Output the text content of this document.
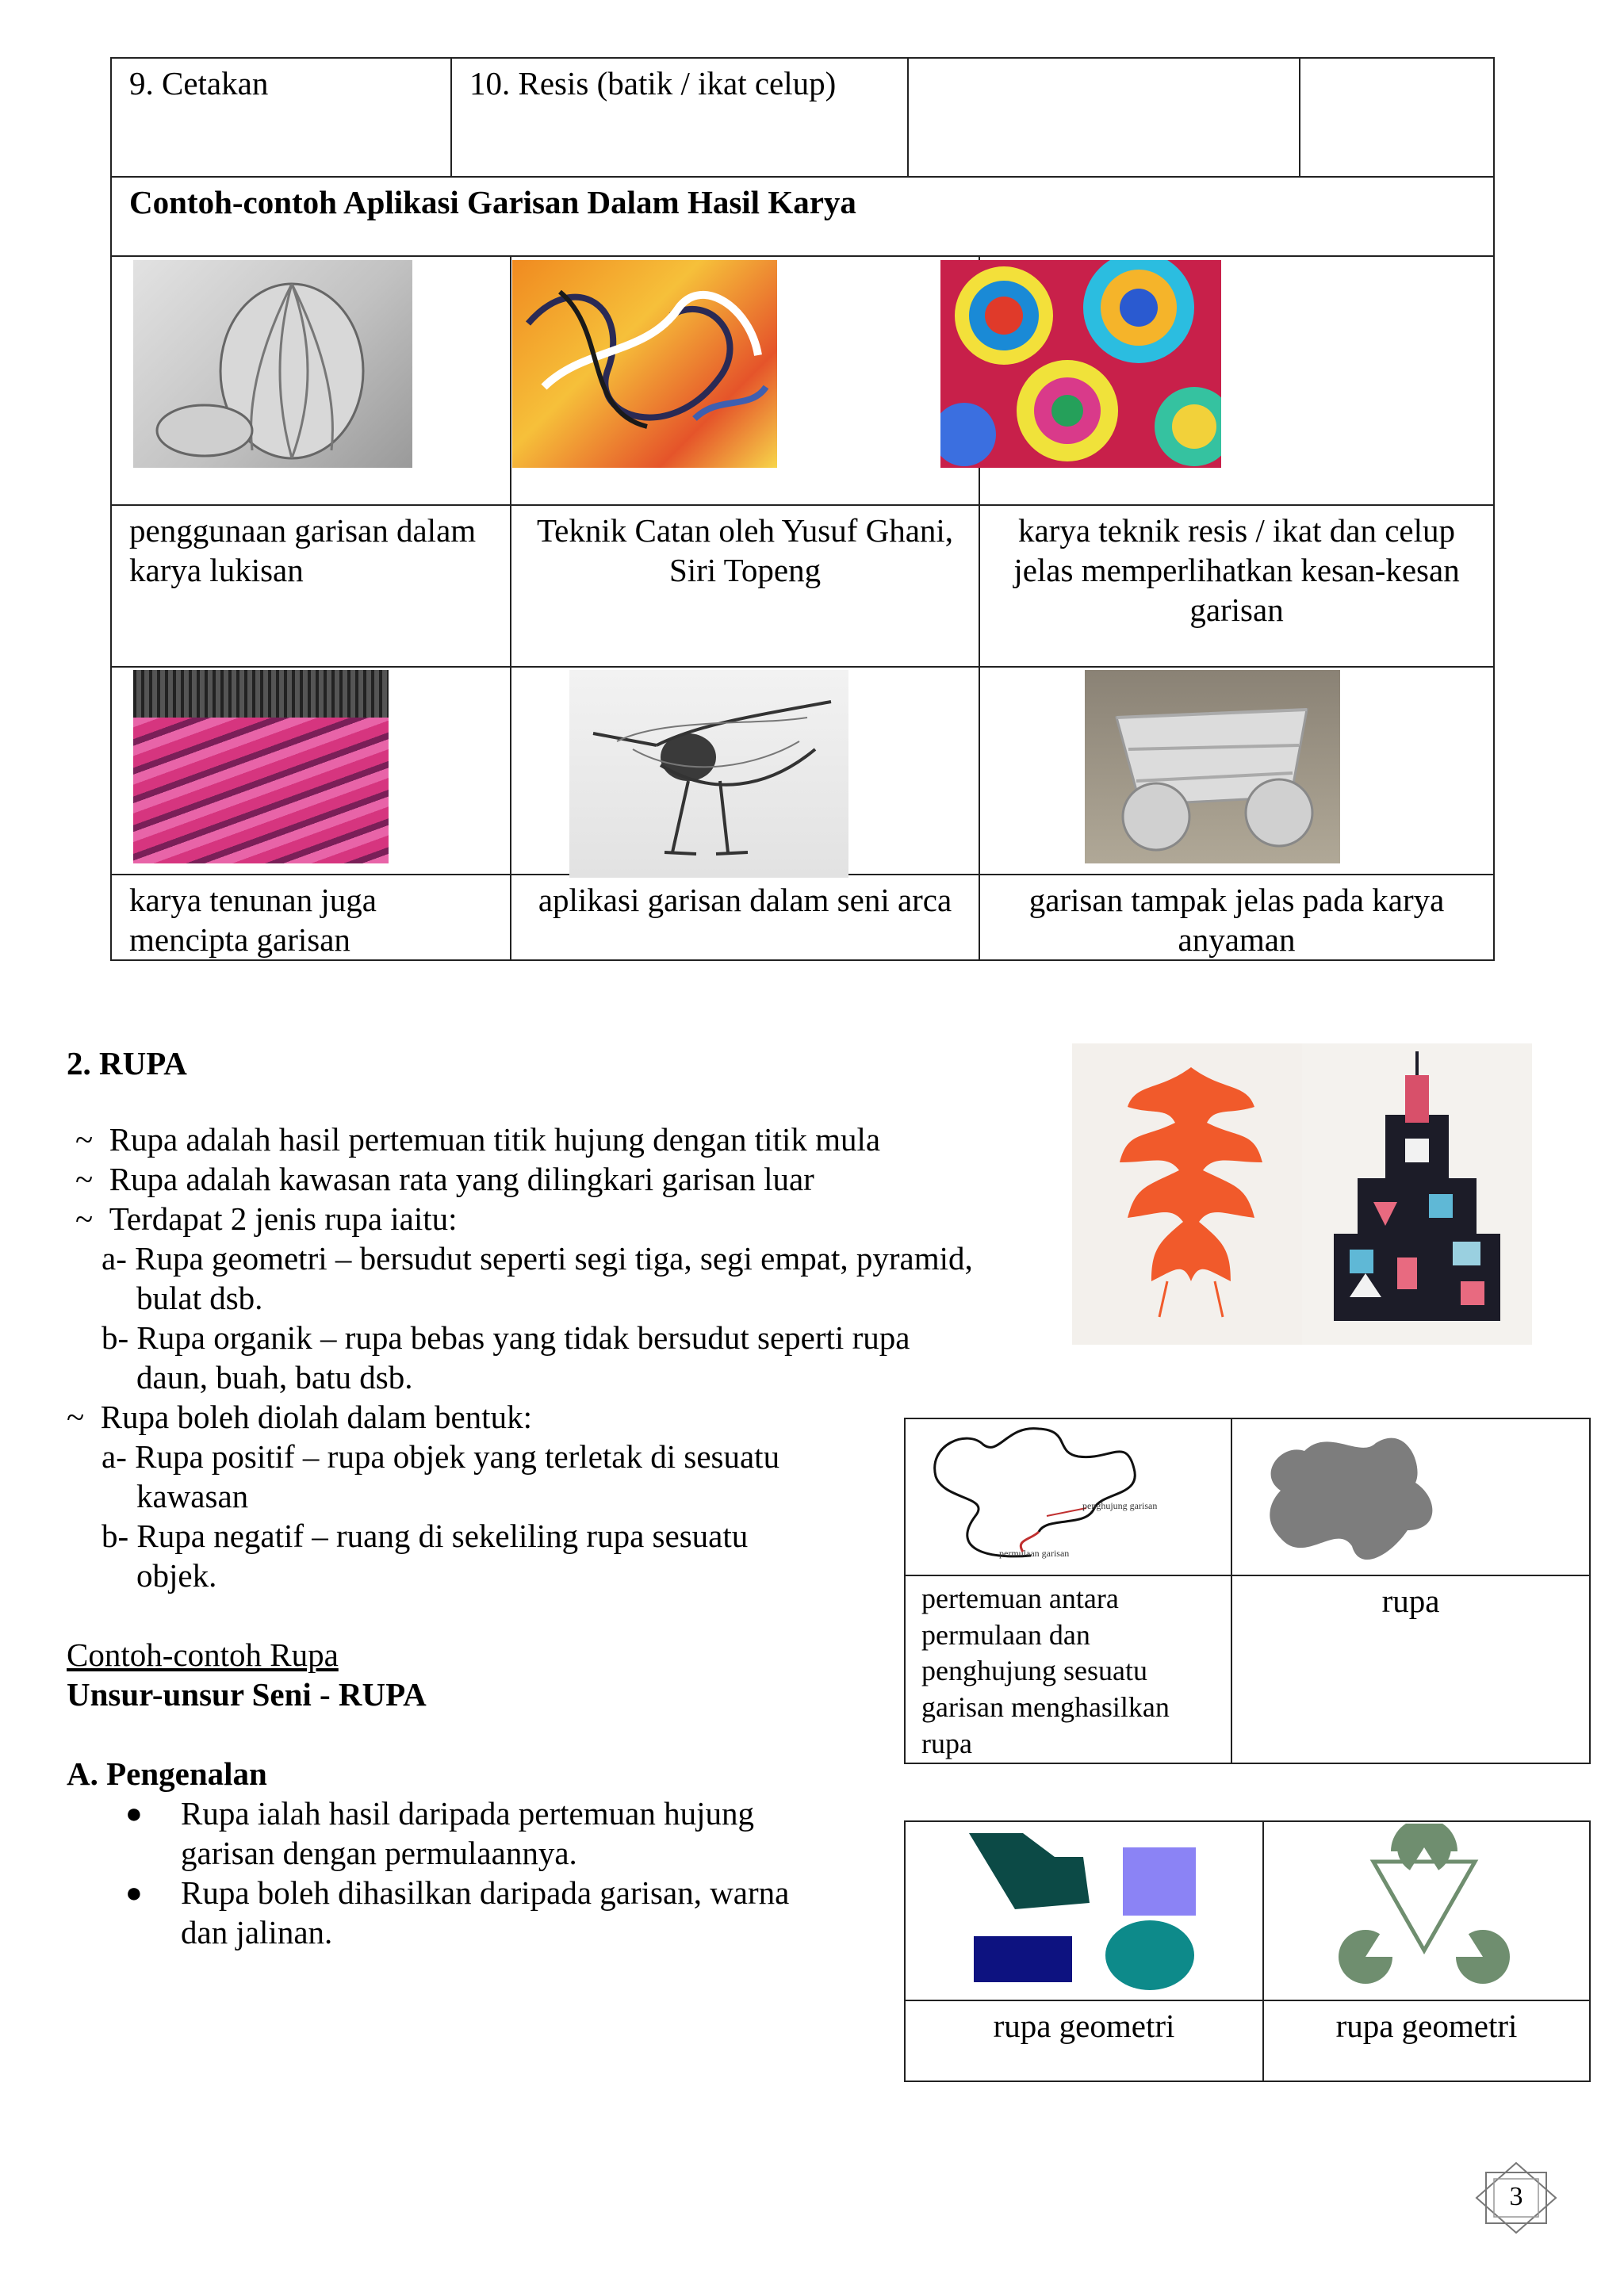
9. Cetakan	10. Resis (batik / ikat celup)				

Contoh-contoh Aplikasi Garisan Dalam Hasil Karya					

penggunaan garisan dalam karya lukisan		Teknik Catan oleh Yusuf Ghani, Siri Topeng		karya teknik resis / ikat dan celup jelas memperlihatkan kesan-kesan garisan	

karya tenunan juga mencipta garisan		aplikasi garisan dalam seni arca		garisan tampak jelas pada karya anyaman	
2. RUPA
~ Rupa adalah hasil pertemuan titik hujung dengan titik mula
~ Rupa adalah kawasan rata yang dilingkari garisan luar
~ Terdapat 2 jenis rupa iaitu:
a- Rupa geometri – bersudut seperti segi tiga, segi empat, pyramid,
bulat dsb.
b- Rupa organik – rupa bebas yang tidak bersudut seperti rupa
daun, buah, batu dsb.
~ Rupa boleh diolah dalam bentuk:
a- Rupa positif – rupa objek yang terletak di sesuatu
kawasan
b- Rupa negatif – ruang di sekeliling rupa sesuatu
objek.
Contoh-contoh Rupa
Unsur-unsur Seni - RUPA
A. Pengenalan
● Rupa ialah hasil daripada pertemuan hujung
garisan dengan permulaannya.
● Rupa boleh dihasilkan daripada garisan, warna
dan jalinan.

pertemuan antara permulaan dan penghujung sesuatu garisan menghasilkan rupa	rupa
penghujung garisan
permulaan garisan

rupa geometri	rupa geometri
3
